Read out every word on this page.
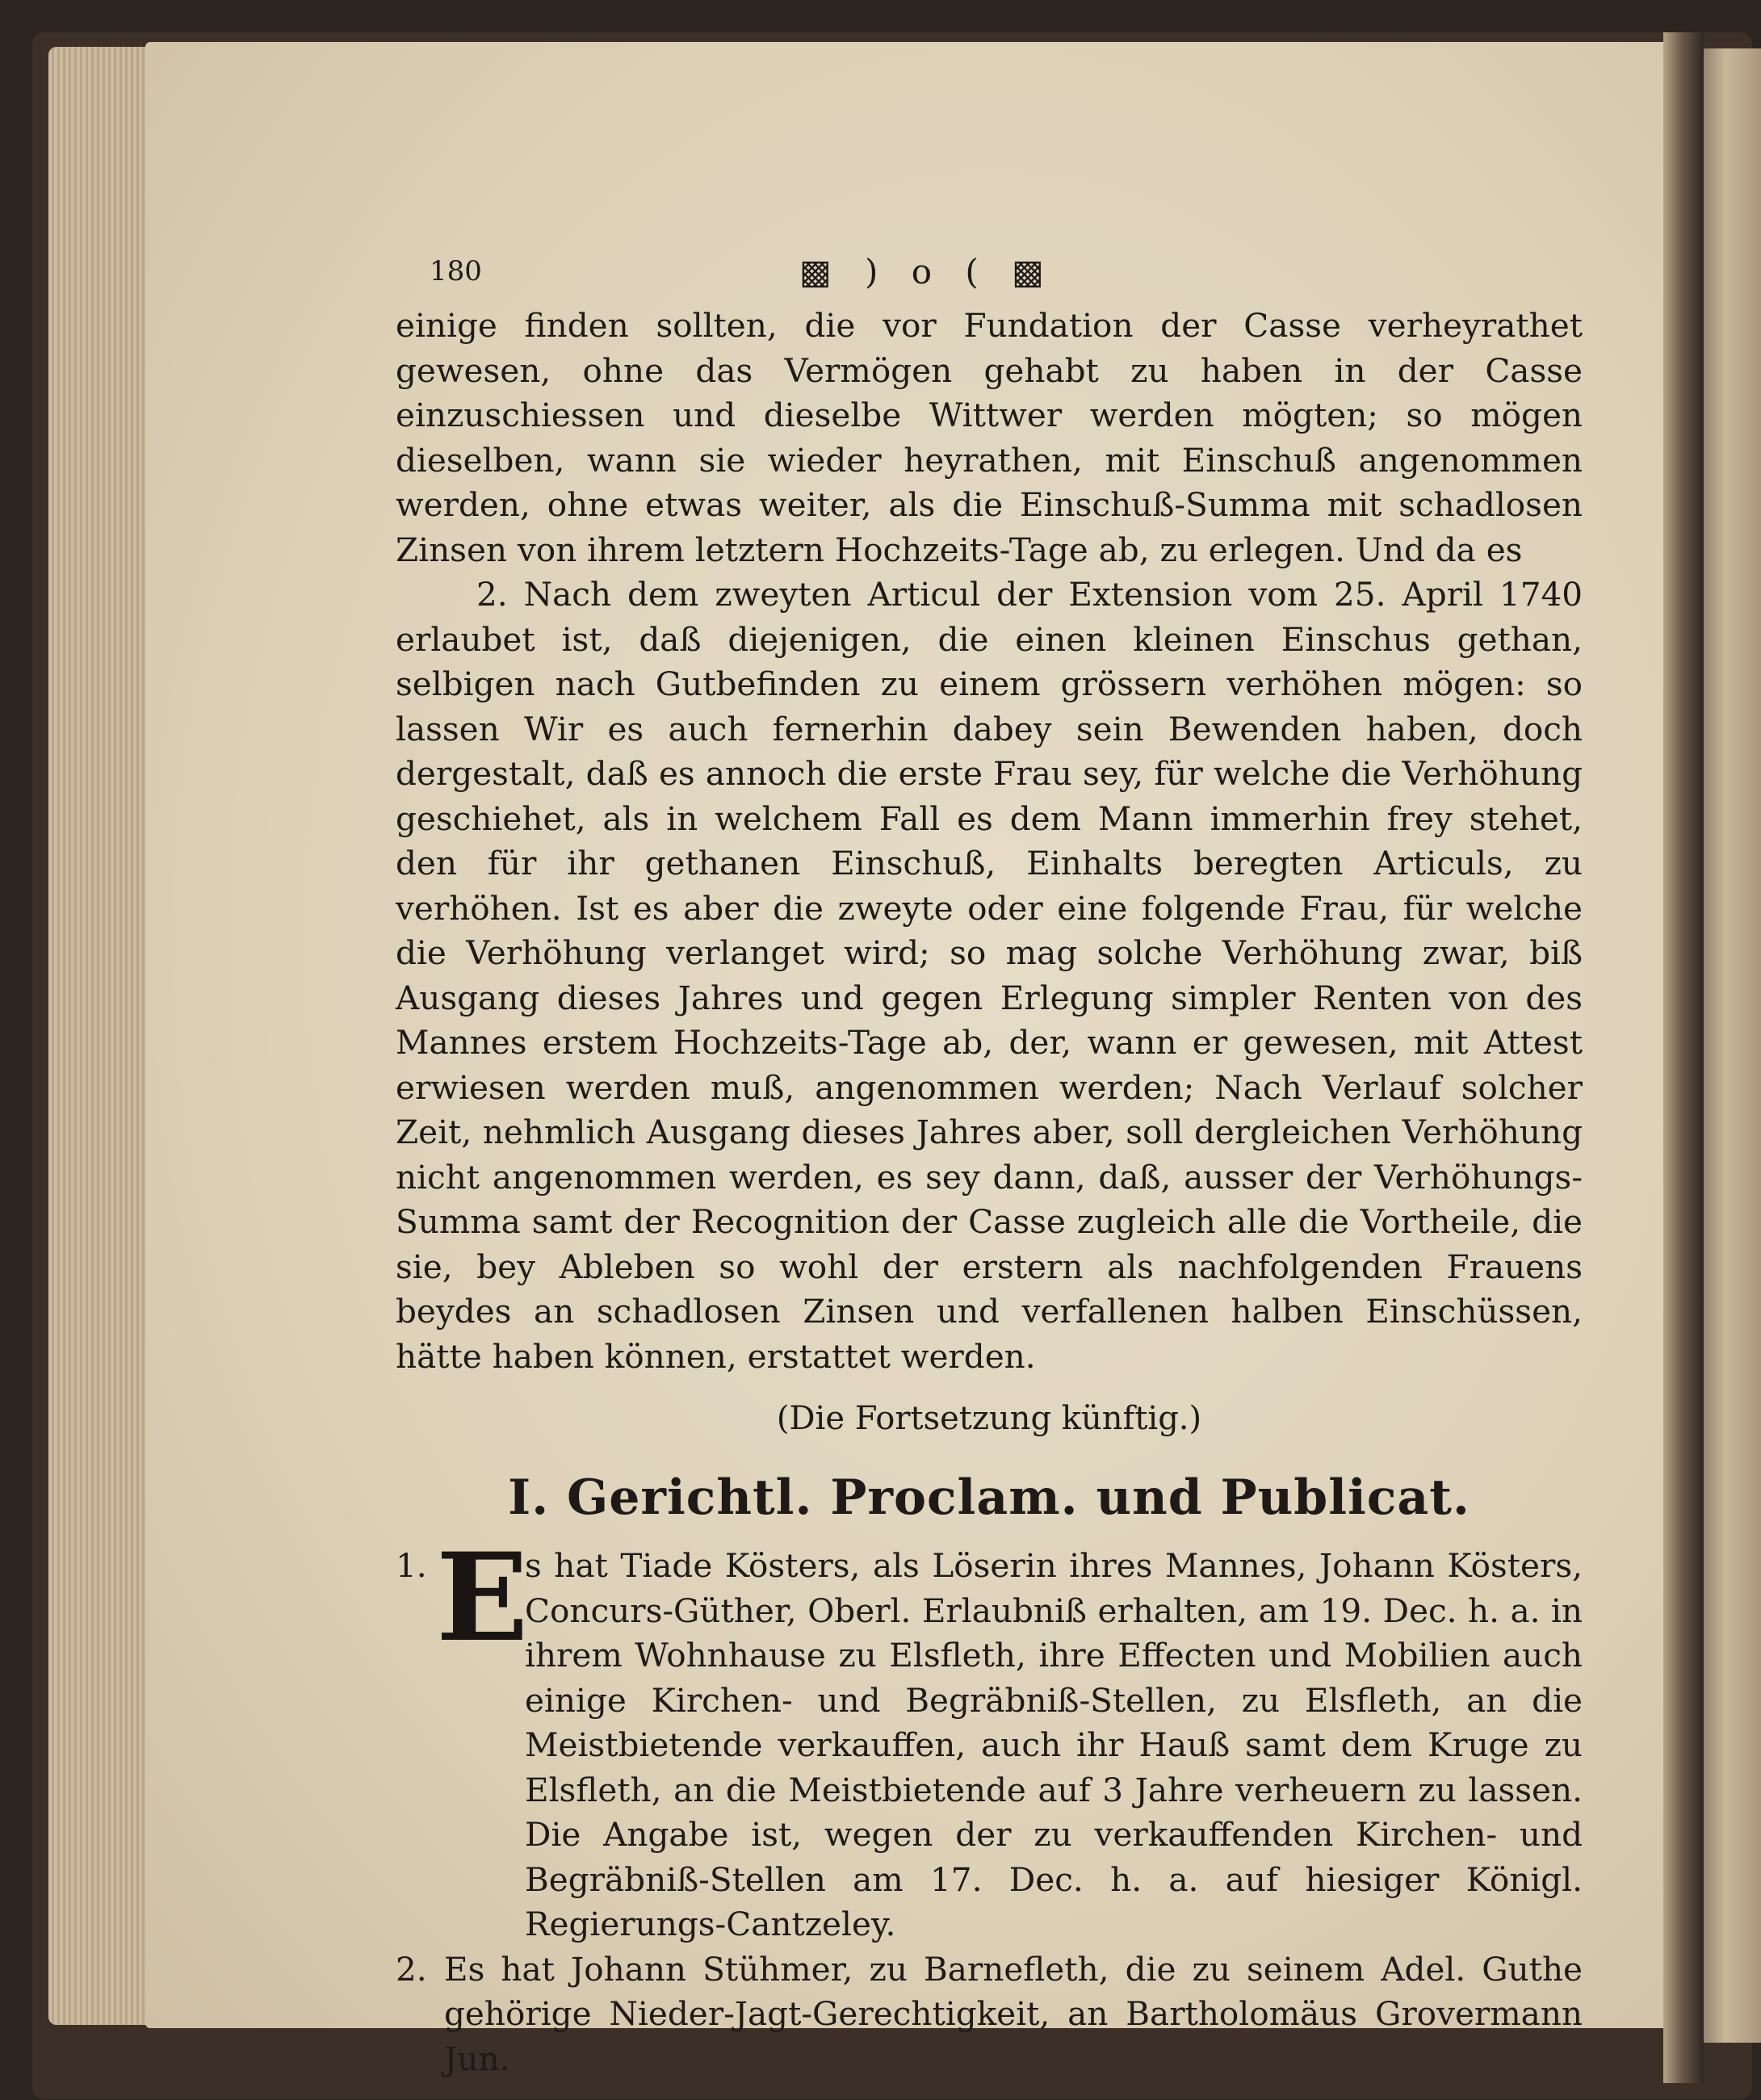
180	▩ ) o ( ▩

einige finden sollten, die vor Fundation der Casse verheyrathet gewesen, ohne das Vermögen gehabt zu haben in der Casse einzuschiessen und dieselbe Wittwer werden mögten; so mögen dieselben, wann sie wieder heyrathen, mit Einschuß angenommen werden, ohne etwas weiter, als die Einschuß-Summa mit schadlosen Zinsen von ihrem letztern Hochzeits-Tage ab, zu erlegen. Und da es

2. Nach dem zweyten Articul der Extension vom 25. April 1740 erlaubet ist, daß diejenigen, die einen kleinen Einschus gethan, selbigen nach Gutbefinden zu einem grössern verhöhen mögen: so lassen Wir es auch fernerhin dabey sein Bewenden haben, doch dergestalt, daß es annoch die erste Frau sey, für welche die Verhöhung geschiehet, als in welchem Fall es dem Mann immerhin frey stehet, den für ihr gethanen Einschuß, Einhalts beregten Articuls, zu verhöhen. Ist es aber die zweyte oder eine folgende Frau, für welche die Verhöhung verlanget wird; so mag solche Verhöhung zwar, biß Ausgang dieses Jahres und gegen Erlegung simpler Renten von des Mannes erstem Hochzeits-Tage ab, der, wann er gewesen, mit Attest erwiesen werden muß, angenommen werden; Nach Verlauf solcher Zeit, nehmlich Ausgang dieses Jahres aber, soll dergleichen Verhöhung nicht angenommen werden, es sey dann, daß, ausser der Verhöhungs-Summa samt der Recognition der Casse zugleich alle die Vortheile, die sie, bey Ableben so wohl der erstern als nachfolgenden Frauens beydes an schadlosen Zinsen und verfallenen halben Einschüssen, hätte haben können, erstattet werden.

(Die Fortsetzung künftig.)
I. Gerichtl. Proclam. und Publicat.
1. E
s hat Tiade Kösters, als Löserin ihres Mannes, Johann Kösters, Concurs-Güther, Oberl. Erlaubniß erhalten, am 19. Dec. h. a. in ihrem Wohnhause zu Elsfleth, ihre Effecten und Mobilien auch einige Kirchen- und Begräbniß-Stellen, zu Elsfleth, an die Meistbietende verkauffen, auch ihr Hauß samt dem Kruge zu Elsfleth, an die Meistbietende auf 3 Jahre verheuern zu lassen. Die Angabe ist, wegen der zu verkauffenden Kirchen- und Begräbniß-Stellen am 17. Dec. h. a. auf hiesiger Königl. Regierungs-Cantzeley.
2. Es hat Johann Stühmer, zu Barnefleth, die zu seinem Adel. Guthe gehörige Nieder-Jagt-Gerechtigkeit, an Bartholomäus Grovermann Jun.
